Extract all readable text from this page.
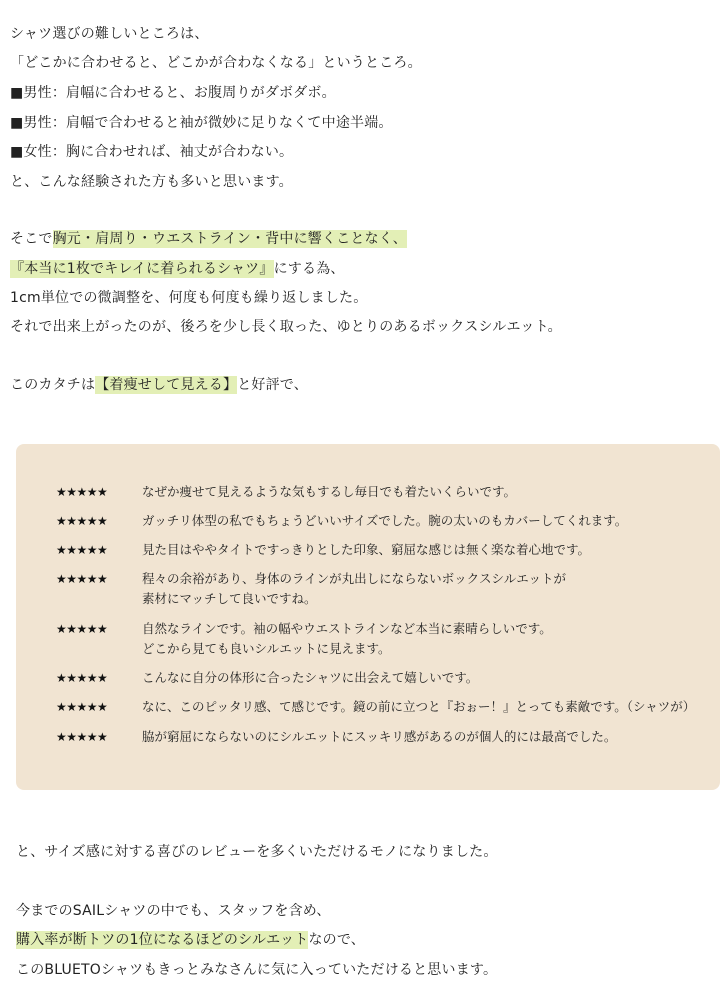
シャツ選びの難しいところは、
「どこかに合わせると、どこかが合わなくなる」というところ。
■男性：肩幅に合わせると、お腹周りがダボダボ。
■男性：肩幅で合わせると袖が微妙に足りなくて中途半端。
■女性：胸に合わせれば、袖丈が合わない。
と、こんな経験された方も多いと思います。
そこで胸元・肩周り・ウエストライン・背中に響くことなく、
『本当に1枚でキレイに着られるシャツ』にする為、
1cm単位での微調整を、何度も何度も繰り返しました。
それで出来上がったのが、後ろを少し長く取った、ゆとりのあるボックスシルエット。
このカタチは【着痩せして見える】と好評で、
★★★★★	なぜか痩せて見えるような気もするし毎日でも着たいくらいです。
★★★★★	ガッチリ体型の私でもちょうどいいサイズでした。腕の太いのもカバーしてくれます。
★★★★★	見た目はややタイトですっきりとした印象、窮屈な感じは無く楽な着心地です。
★★★★★	程々の余裕があり、身体のラインが丸出しにならないボックスシルエットが
素材にマッチして良いですね。
★★★★★	自然なラインです。袖の幅やウエストラインなど本当に素晴らしいです。
どこから見ても良いシルエットに見えます。
★★★★★	こんなに自分の体形に合ったシャツに出会えて嬉しいです。
★★★★★	なに、このピッタリ感、て感じです。鏡の前に立つと『おぉー！』とっても素敵です。（シャツが）
★★★★★	脇が窮屈にならないのにシルエットにスッキリ感があるのが個人的には最高でした。
と、サイズ感に対する喜びのレビューを多くいただけるモノになりました。
今までのSAILシャツの中でも、スタッフを含め、
購入率が断トツの1位になるほどのシルエットなので、
このBLUETOシャツもきっとみなさんに気に入っていただけると思います。
